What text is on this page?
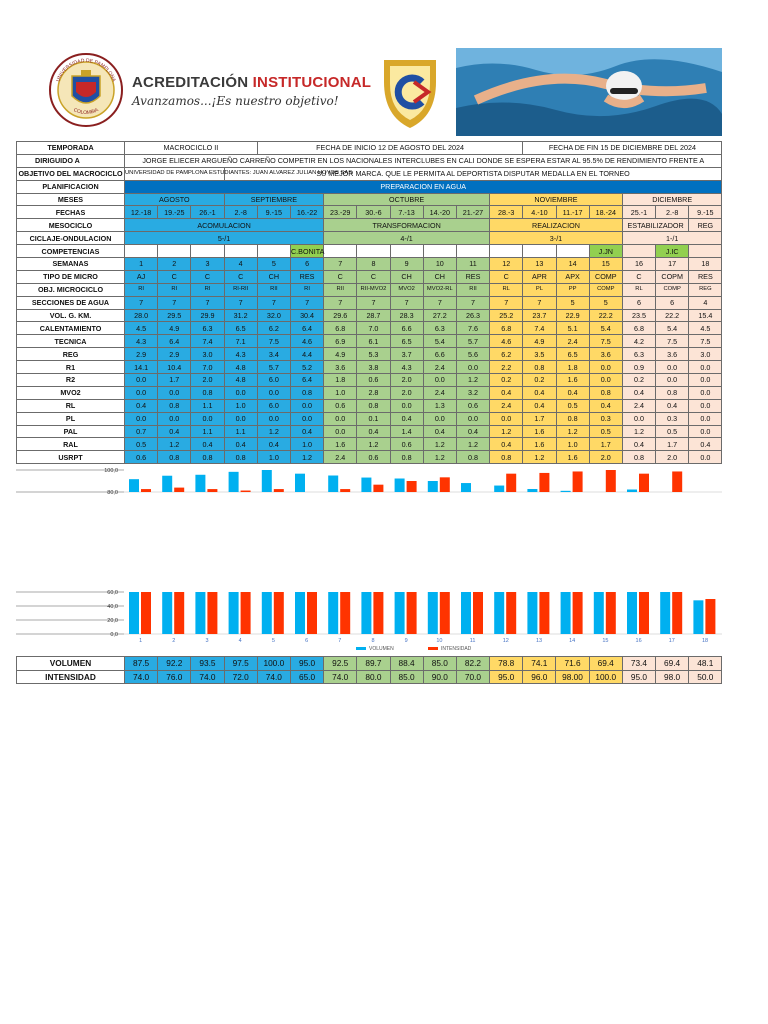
UNIVERSIDAD DE PAMPLONA
COLOMBIA
ACREDITACIÓN INSTITUCIONAL
Avanzamos...¡Es nuestro objetivo!
TEMPORADA	MACROCICLO II				FECHA DE INICIO 12 DE AGOSTO DEL 2024								FECHA DE FIN 15 DE DICIEMBRE DEL 2024					
DIRIGUIDO A	JORGE ELIECER ARGUEÑO CARREÑO COMPETIR EN LOS NACIONALES INTERCLUBES EN CALI DONDE SE ESPERA ESTAR AL 95.5% DE RENDIMIENTO FRENTE A																	
OBJETIVO DEL MACROCICLO	UNIVERSIDAD DE PAMPLONA ESTUDIANTES: JUAN ALVAREZ JULIAN HOYOS SAS			SU MEJOR MARCA. QUE LE PERMITA AL DEPORTISTA DISPUTAR MEDALLA EN EL TORNEO														
PLANIFICACION	PREPARACION EN AGUA																	
MESES	AGOSTO			SEPTIEMBRE			OCTUBRE					NOVIEMBRE				DICIEMBRE		
FECHAS	12.-18	19.-25	26.-1	2.-8	9.-15	16.-22	23.-29	30.-6	7.-13	14.-20	21.-27	28.-3	4.-10	11.-17	18.-24	25.-1	2.-8	9.-15
MESOCICLO	ACOMULACION						TRANSFORMACION					REALIZACION				ESTABILIZADOR		REG
CICLAJE-ONDULACION	5-/1						4-/1					3-/1				1-/1		
COMPETENCIAS						C.BONITA									J.JN		J.IC	
SEMANAS	1	2	3	4	5	6	7	8	9	10	11	12	13	14	15	16	17	18
TIPO DE MICRO	AJ	C	C	C	CH	RES	C	C	CH	CH	RES	C	APR	APX	COMP	C	COPM	RES
OBJ. MICROCICLO	RI	RI	RI	RI-RII	RII	RI	RII	RII-MVO2	MVO2	MVO2-RL	RII	RL	PL	PP	COMP	RL	COMP	REG
SECCIONES DE AGUA	7	7	7	7	7	7	7	7	7	7	7	7	7	5	5	6	6	4
VOL. G. KM.	28.0	29.5	29.9	31.2	32.0	30.4	29.6	28.7	28.3	27.2	26.3	25.2	23.7	22.9	22.2	23.5	22.2	15.4
CALENTAMIENTO	4.5	4.9	6.3	6.5	6.2	6.4	6.8	7.0	6.6	6.3	7.6	6.8	7.4	5.1	5.4	6.8	5.4	4.5
TECNICA	4.3	6.4	7.4	7.1	7.5	4.6	6.9	6.1	6.5	5.4	5.7	4.6	4.9	2.4	7.5	4.2	7.5	7.5
REG	2.9	2.9	3.0	4.3	3.4	4.4	4.9	5.3	3.7	6.6	5.6	6.2	3.5	6.5	3.6	6.3	3.6	3.0
R1	14.1	10.4	7.0	4.8	5.7	5.2	3.6	3.8	4.3	2.4	0.0	2.2	0.8	1.8	0.0	0.9	0.0	0.0
R2	0.0	1.7	2.0	4.8	6.0	6.4	1.8	0.6	2.0	0.0	1.2	0.2	0.2	1.6	0.0	0.2	0.0	0.0
MVO2	0.0	0.0	0.8	0.0	0.0	0.8	1.0	2.8	2.0	2.4	3.2	0.4	0.4	0.4	0.8	0.4	0.8	0.0
RL	0.4	0.8	1.1	1.0	6.0	0.0	0.6	0.8	0.0	1.3	0.6	2.4	0.4	0.5	0.4	2.4	0.4	0.0
PL	0.0	0.0	0.0	0.0	0.0	0.0	0.0	0.1	0.4	0.0	0.0	0.0	1.7	0.8	0.3	0.0	0.3	0.0
PAL	0.7	0.4	1.1	1.1	1.2	0.4	0.0	0.4	1.4	0.4	0.4	1.2	1.6	1.2	0.5	1.2	0.5	0.0
RAL	0.5	1.2	0.4	0.4	0.4	1.0	1.6	1.2	0.6	1.2	1.2	0.4	1.6	1.0	1.7	0.4	1.7	0.4
USRPT	0.6	0.8	0.8	0.8	1.0	1.2	2.4	0.6	0.8	1.2	0.8	0.8	1.2	1.6	2.0	0.8	2.0	0.0
100,0
80,0
60,0
40,0
20,0
0,0
1	2	3	4	5	6	7	8	9	10	11	12	13	14	15	16	17	18
VOLUMEN	INTENSIDAD
VOLUMEN	87.5	92.2	93.5	97.5	100.0	95.0	92.5	89.7	88.4	85.0	82.2	78.8	74.1	71.6	69.4	73.4	69.4	48.1
INTENSIDAD	74.0	76.0	74.0	72.0	74.0	65.0	74.0	80.0	85.0	90.0	70.0	95.0	96.0	98.00	100.0	95.0	98.0	50.0
